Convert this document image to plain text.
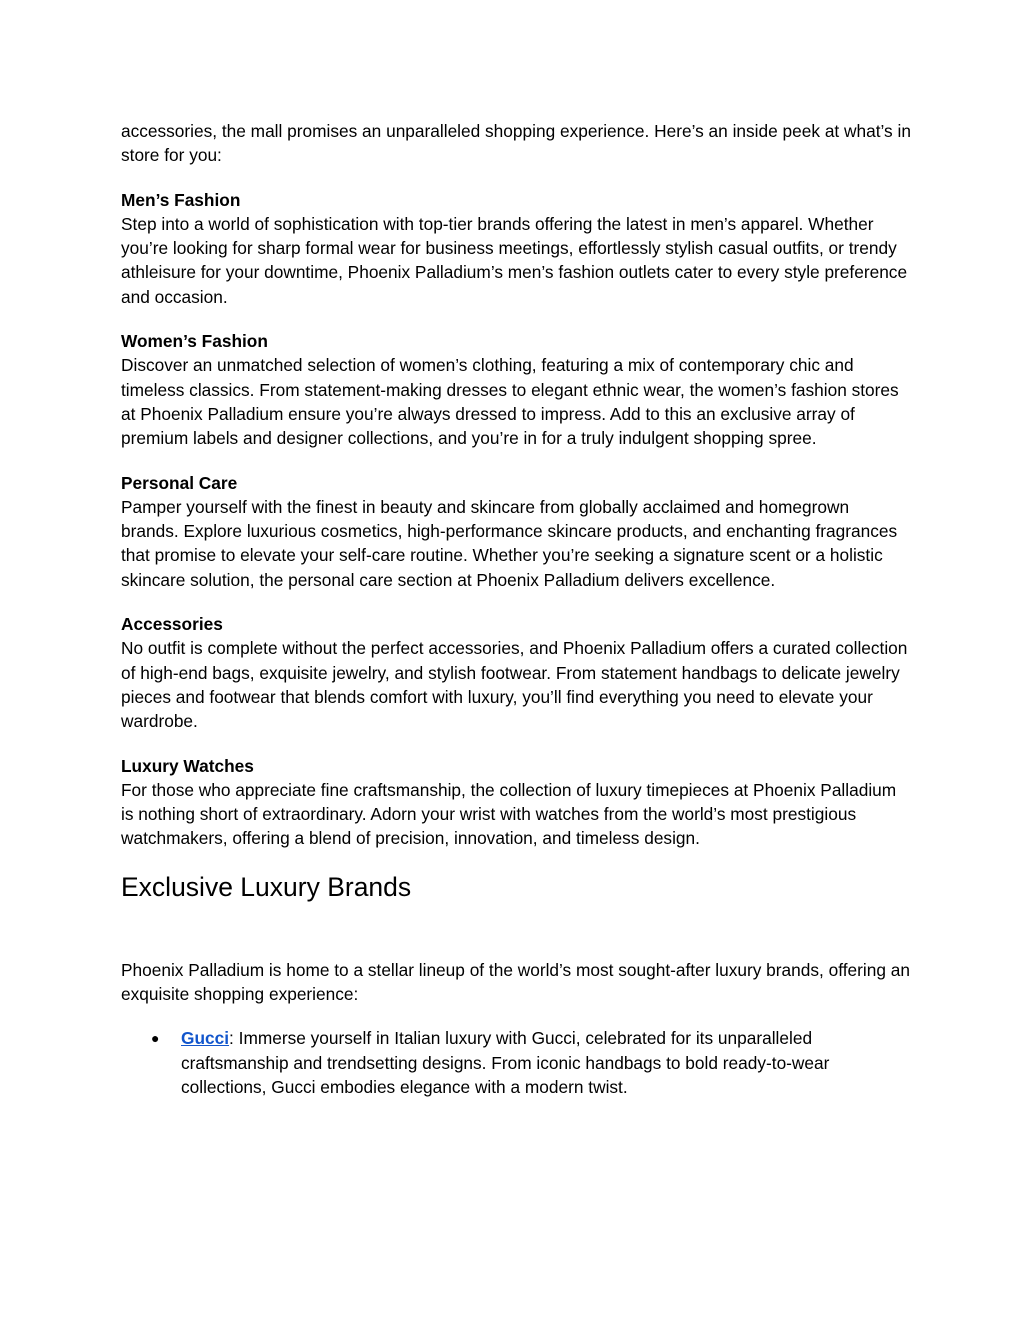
accessories, the mall promises an unparalleled shopping experience. Here’s an inside peek at what’s in store for you:

Men’s Fashion

Step into a world of sophistication with top-tier brands offering the latest in men’s apparel. Whether you’re looking for sharp formal wear for business meetings, effortlessly stylish casual outfits, or trendy athleisure for your downtime, Phoenix Palladium’s men’s fashion outlets cater to every style preference and occasion.

Women’s Fashion

Discover an unmatched selection of women’s clothing, featuring a mix of contemporary chic and timeless classics. From statement-making dresses to elegant ethnic wear, the women’s fashion stores at Phoenix Palladium ensure you’re always dressed to impress. Add to this an exclusive array of premium labels and designer collections, and you’re in for a truly indulgent shopping spree.

Personal Care

Pamper yourself with the finest in beauty and skincare from globally acclaimed and homegrown brands. Explore luxurious cosmetics, high-performance skincare products, and enchanting fragrances that promise to elevate your self-care routine. Whether you’re seeking a signature scent or a holistic skincare solution, the personal care section at Phoenix Palladium delivers excellence.

Accessories

No outfit is complete without the perfect accessories, and Phoenix Palladium offers a curated collection of high-end bags, exquisite jewelry, and stylish footwear. From statement handbags to delicate jewelry pieces and footwear that blends comfort with luxury, you’ll find everything you need to elevate your wardrobe.

Luxury Watches

For those who appreciate fine craftsmanship, the collection of luxury timepieces at Phoenix Palladium is nothing short of extraordinary. Adorn your wrist with watches from the world’s most prestigious watchmakers, offering a blend of precision, innovation, and timeless design.

Exclusive Luxury Brands

Phoenix Palladium is home to a stellar lineup of the world’s most sought-after luxury brands, offering an exquisite shopping experience:

● Gucci: Immerse yourself in Italian luxury with Gucci, celebrated for its unparalleled craftsmanship and trendsetting designs. From iconic handbags to bold ready-to-wear collections, Gucci embodies elegance with a modern twist.
